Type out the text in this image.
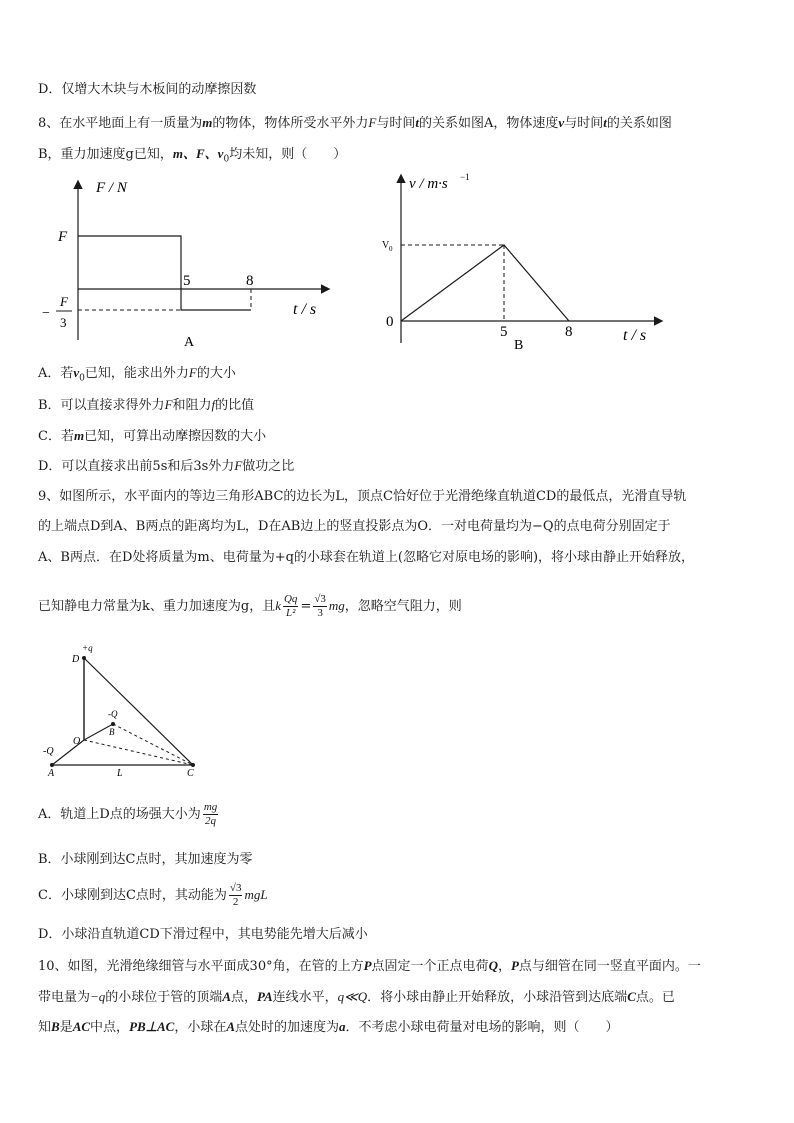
D．仅增大木块与木板间的动摩擦因数
8、在水平地面上有一质量为m的物体，物体所受水平外力F与时间t的关系如图A，物体速度v与时间t的关系如图
B，重力加速度g已知，m、F、$v_0$均未知，则（　　）
F / N
F
−
F
3
5	8
t / s
A
v / m·s −1
V 0
0
5	8	t / s
B
A．若$v_0$已知，能求出外力F的大小
B．可以直接求得外力F和阻力f的比值
C．若m已知，可算出动摩擦因数的大小
D．可以直接求出前5s和后3s外力F做功之比
9、如图所示，水平面内的等边三角形ABC的边长为L，顶点C恰好位于光滑绝缘直轨道CD的最低点，光滑直导轨
的上端点D到A、B两点的距离均为L，D在AB边上的竖直投影点为O．一对电荷量均为−Q的点电荷分别固定于
A、B两点．在D处将质量为m、电荷量为+q的小球套在轨道上(忽略它对原电场的影响)，将小球由静止开始释放，
已知静电力常量为k、重力加速度为g，且k $\frac{Qq}{\text{L²}} = \frac{√3}{3}$ mg，忽略空气阻力，则
D
+q
-Q
B
O
-Q
A	L	C
A．轨道上D点的场强大小为 $\frac{mg}{2q}$
B．小球刚到达C点时，其加速度为零
C．小球刚到达C点时，其动能为 $\frac{√3}{2}$ mgL
D．小球沿直轨道CD下滑过程中，其电势能先增大后减小
10、如图，光滑绝缘细管与水平面成30°角，在管的上方P点固定一个正点电荷Q，P点与细管在同一竖直平面内。一
带电量为−q的小球位于管的顶端A点，PA连线水平，q≪Q．将小球由静止开始释放，小球沿管到达底端C点。已
知B是AC中点，PB⊥AC，小球在A点处时的加速度为a．不考虑小球电荷量对电场的影响，则（　　）
